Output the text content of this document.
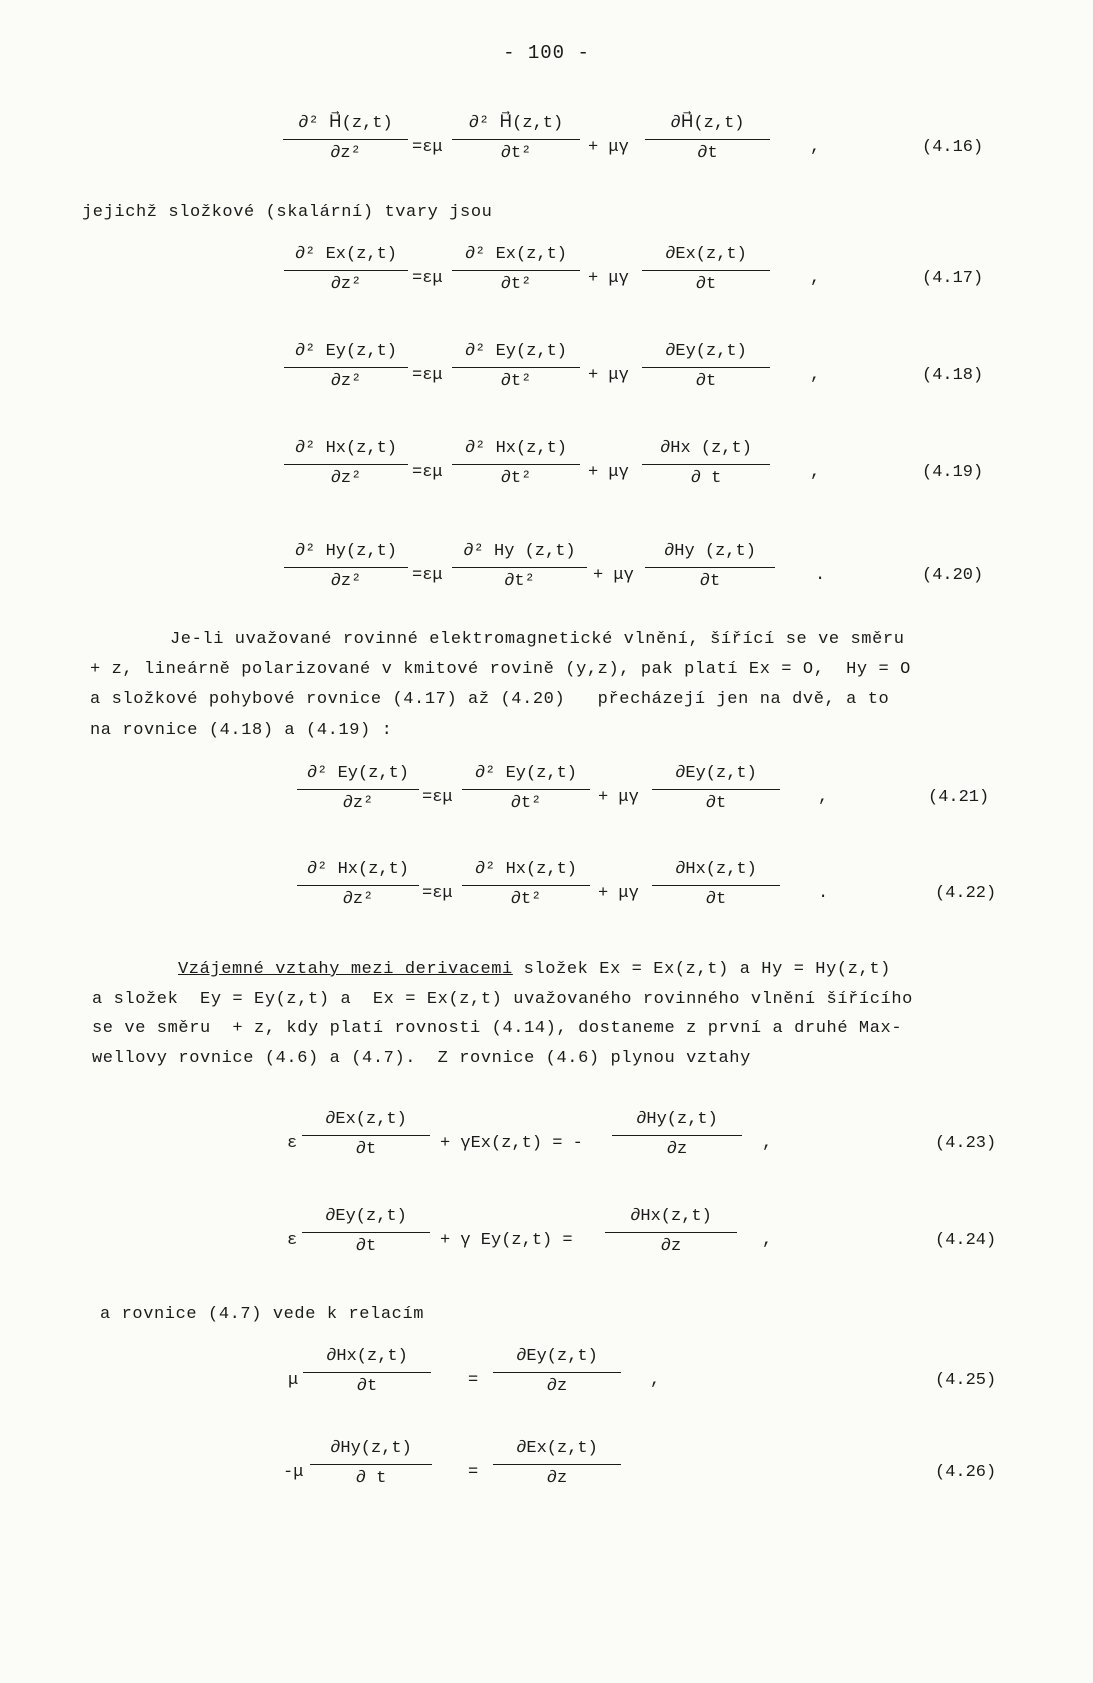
- 100 -
∂² H⃗(z,t)
∂z²	=εμ
∂² H⃗(z,t)
∂t²	+ μγ
∂H⃗(z,t)
∂t	,	(4.16)
jejichž složkové (skalární) tvary jsou
∂² Ex(z,t)
∂z²	=εμ
∂² Ex(z,t)
∂t²	+ μγ
∂Ex(z,t)
∂t	,	(4.17)
∂² Ey(z,t)
∂z²	=εμ
∂² Ey(z,t)
∂t²	+ μγ
∂Ey(z,t)
∂t	,	(4.18)
∂² Hx(z,t)
∂z²	=εμ
∂² Hx(z,t)
∂t²	+ μγ
∂Hx (z,t)
∂ t	,	(4.19)
∂² Hy(z,t)
∂z²	=εμ
∂² Hy (z,t)
∂t²	+ μγ
∂Hy (z,t)
∂t	.	(4.20)
Je-li uvažované rovinné elektromagnetické vlnění, šířící se ve směru
+ z, lineárně polarizované v kmitové rovině (y,z), pak platí Ex = O,  Hy = O
a složkové pohybové rovnice (4.17) až (4.20)   přecházejí jen na dvě, a to
na rovnice (4.18) a (4.19) :
∂² Ey(z,t)
∂z²	=εμ
∂² Ey(z,t)
∂t²	+ μγ
∂Ey(z,t)
∂t	,	(4.21)
∂² Hx(z,t)
∂z²	=εμ
∂² Hx(z,t)
∂t²	+ μγ
∂Hx(z,t)
∂t	.	(4.22)
Vzájemné vztahy mezi derivacemi složek Ex = Ex(z,t) a Hy = Hy(z,t)
a složek  Ey = Ey(z,t) a  Ex = Ex(z,t) uvažovaného rovinného vlnění šířícího
se ve směru  + z, kdy platí rovnosti (4.14), dostaneme z první a druhé Max-
wellovy rovnice (4.6) a (4.7).  Z rovnice (4.6) plynou vztahy
ε
∂Ex(z,t)
∂t	+ γEx(z,t) = -
∂Hy(z,t)
∂z	,	(4.23)
ε
∂Ey(z,t)
∂t	+ γ Ey(z,t) =
∂Hx(z,t)
∂z	,	(4.24)
a rovnice (4.7) vede k relacím
μ
∂Hx(z,t)
∂t	=
∂Ey(z,t)
∂z	,	(4.25)
-μ
∂Hy(z,t)
∂ t	=
∂Ex(z,t)
∂z	(4.26)
